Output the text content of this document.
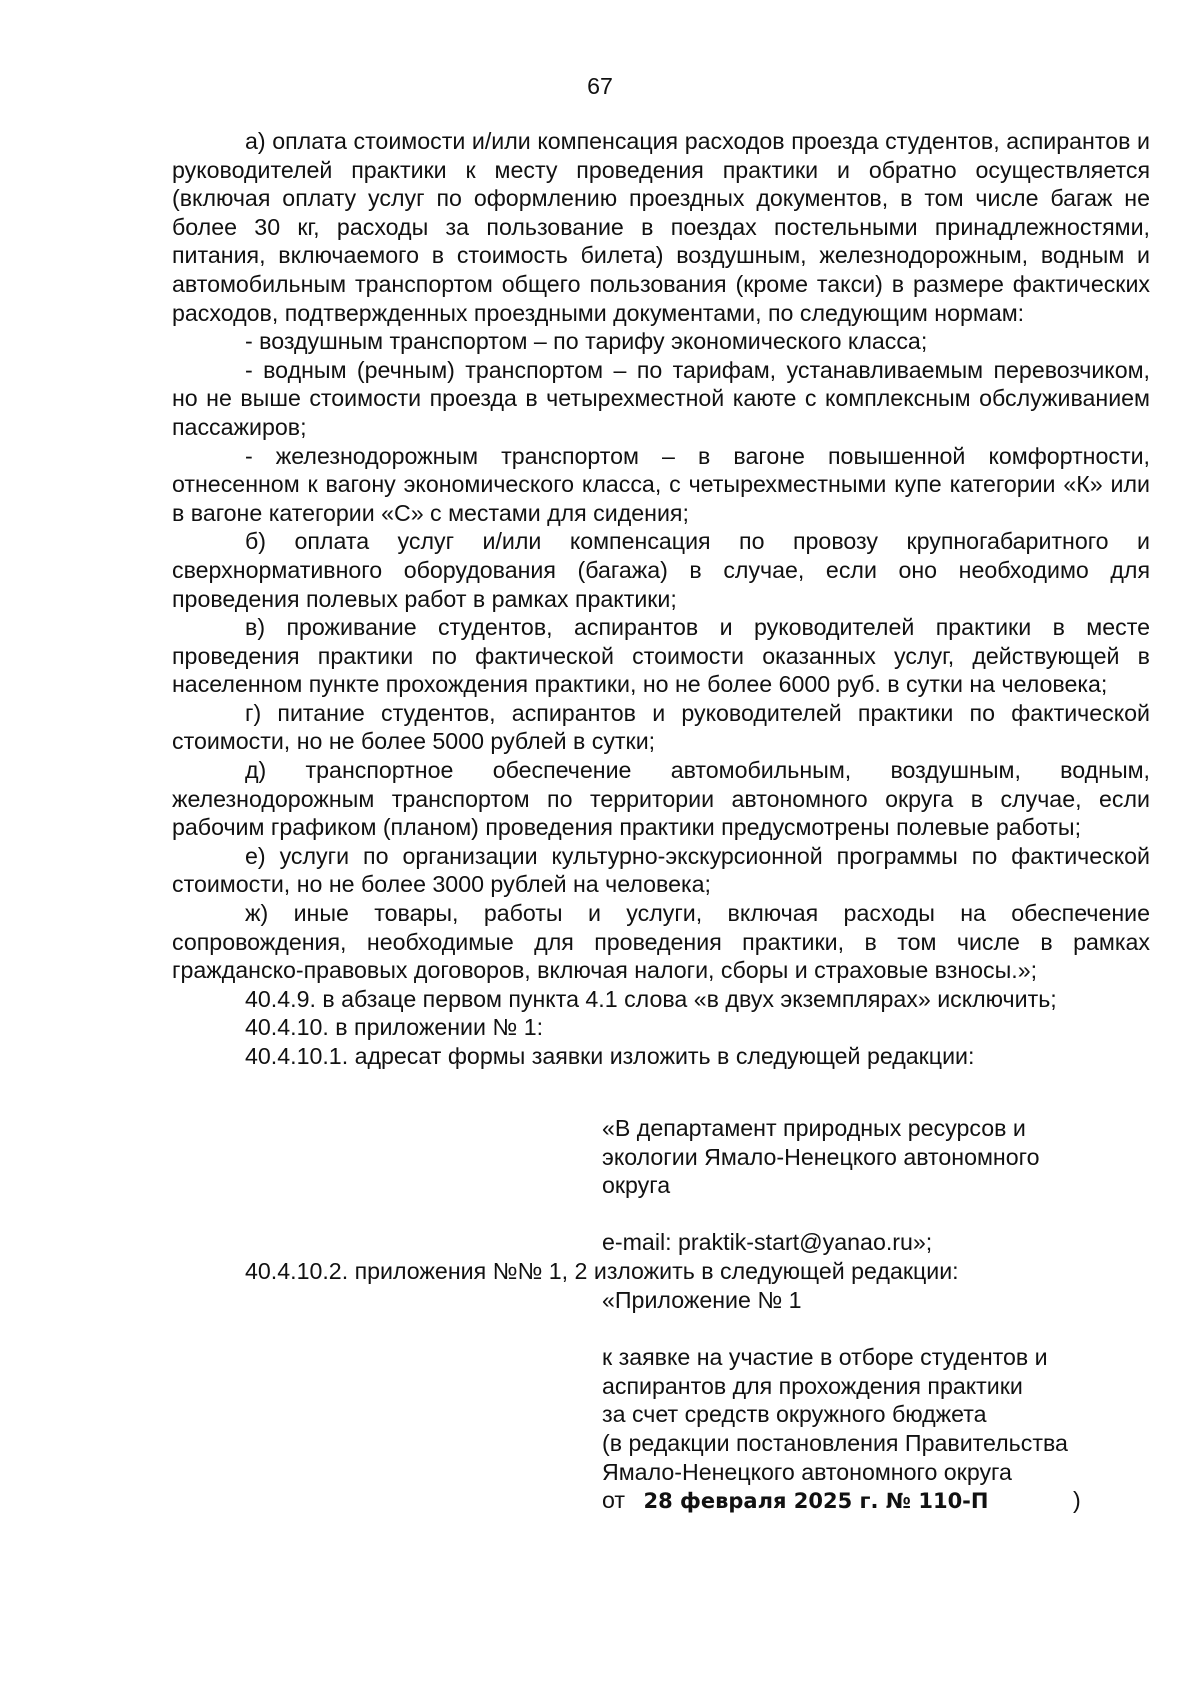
67

а) оплата стоимости и/или компенсация расходов проезда студентов, аспирантов и руководителей практики к месту проведения практики и обратно осуществляется (включая оплату услуг по оформлению проездных документов, в том числе багаж не более 30 кг, расходы за пользование в поездах постельными принадлежностями, питания, включаемого в стоимость билета) воздушным, железнодорожным, водным и автомобильным транспортом общего пользования (кроме такси) в размере фактических расходов, подтвержденных проездными документами, по следующим нормам:

- воздушным транспортом – по тарифу экономического класса;

- водным (речным) транспортом – по тарифам, устанавливаемым перевозчиком, но не выше стоимости проезда в четырехместной каюте с комплексным обслуживанием пассажиров;

- железнодорожным транспортом – в вагоне повышенной комфортности, отнесенном к вагону экономического класса, с четырехместными купе категории «К» или в вагоне категории «С» с местами для сидения;

б) оплата услуг и/или компенсация по провозу крупногабаритного и сверхнормативного оборудования (багажа) в случае, если оно необходимо для проведения полевых работ в рамках практики;

в) проживание студентов, аспирантов и руководителей практики в месте проведения практики по фактической стоимости оказанных услуг, действующей в населенном пункте прохождения практики, но не более 6000 руб. в сутки на человека;

г) питание студентов, аспирантов и руководителей практики по фактической стоимости, но не более 5000 рублей в сутки;

д) транспортное обеспечение автомобильным, воздушным, водным, железнодорожным транспортом по территории автономного округа в случае, если рабочим графиком (планом) проведения практики предусмотрены полевые работы;

е) услуги по организации культурно-экскурсионной программы по фактической стоимости, но не более 3000 рублей на человека;

ж) иные товары, работы и услуги, включая расходы на обеспечение сопровождения, необходимые для проведения практики, в том числе в рамках гражданско-правовых договоров, включая налоги, сборы и страховые взносы.»;

40.4.9. в абзаце первом пункта 4.1 слова «в двух экземплярах» исключить;

40.4.10. в приложении № 1:

40.4.10.1. адресат формы заявки изложить в следующей редакции:

«В департамент природных ресурсов и
экологии Ямало-Ненецкого автономного
округа
e-mail: praktik-start@yanao.ru»;

40.4.10.2. приложения №№ 1, 2 изложить в следующей редакции:

«Приложение № 1
к заявке на участие в отборе студентов и
аспирантов для прохождения практики
за счет средств окружного бюджета
(в редакции постановления Правительства
Ямало-Ненецкого автономного округа
от 28 февраля 2025 г. № 110-П	)
